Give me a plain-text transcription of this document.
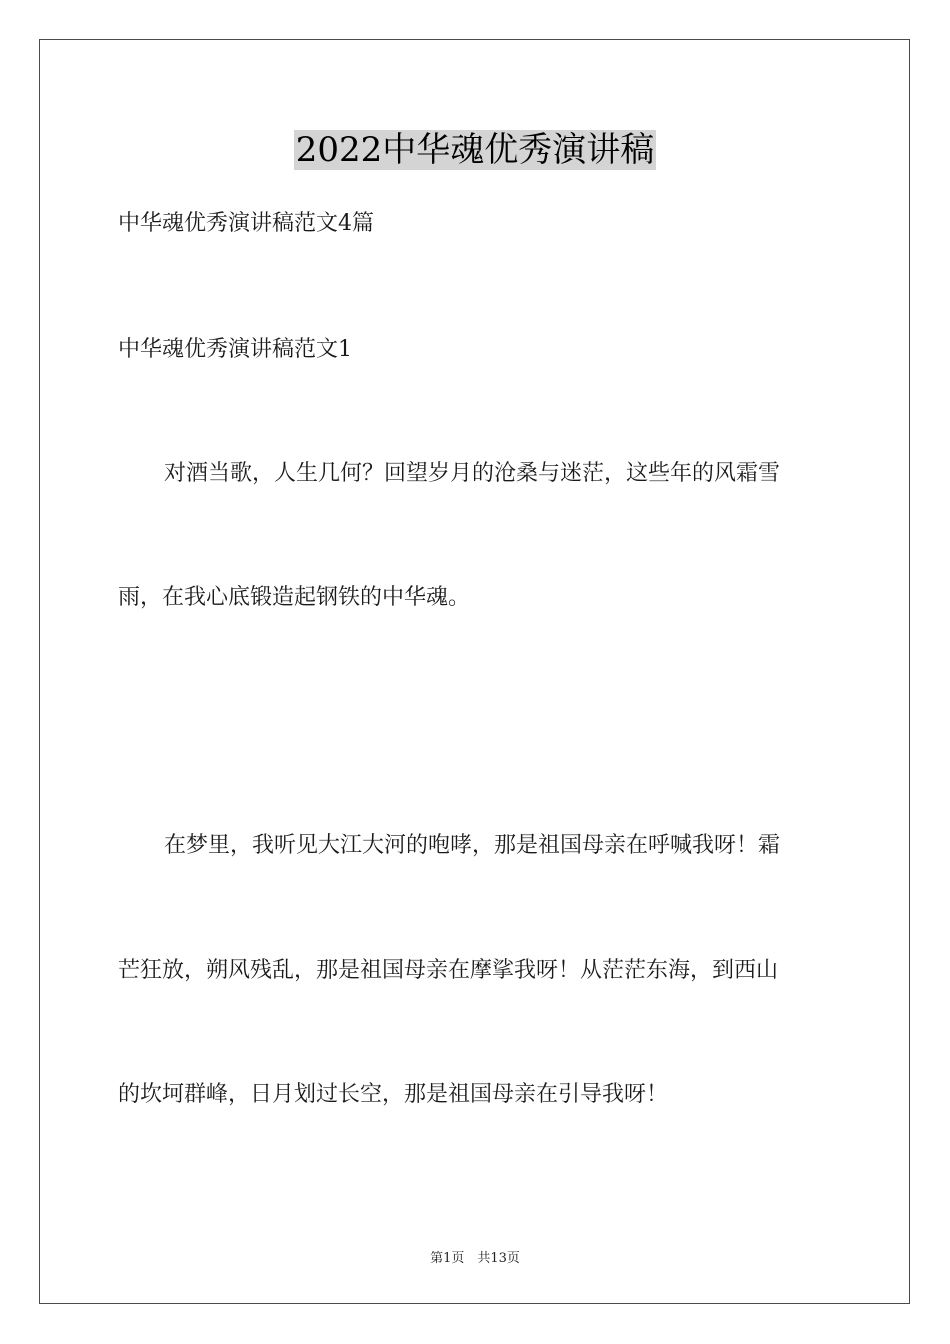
2022中华魂优秀演讲稿
中华魂优秀演讲稿范文4篇
中华魂优秀演讲稿范文1
对酒当歌，人生几何？回望岁月的沧桑与迷茫，这些年的风霜雪
雨，在我心底锻造起钢铁的中华魂。
在梦里，我听见大江大河的咆哮，那是祖国母亲在呼喊我呀！霜
芒狂放，朔风残乱，那是祖国母亲在摩挲我呀！从茫茫东海，到西山
的坎坷群峰，日月划过长空，那是祖国母亲在引导我呀！
第1页　共13页
